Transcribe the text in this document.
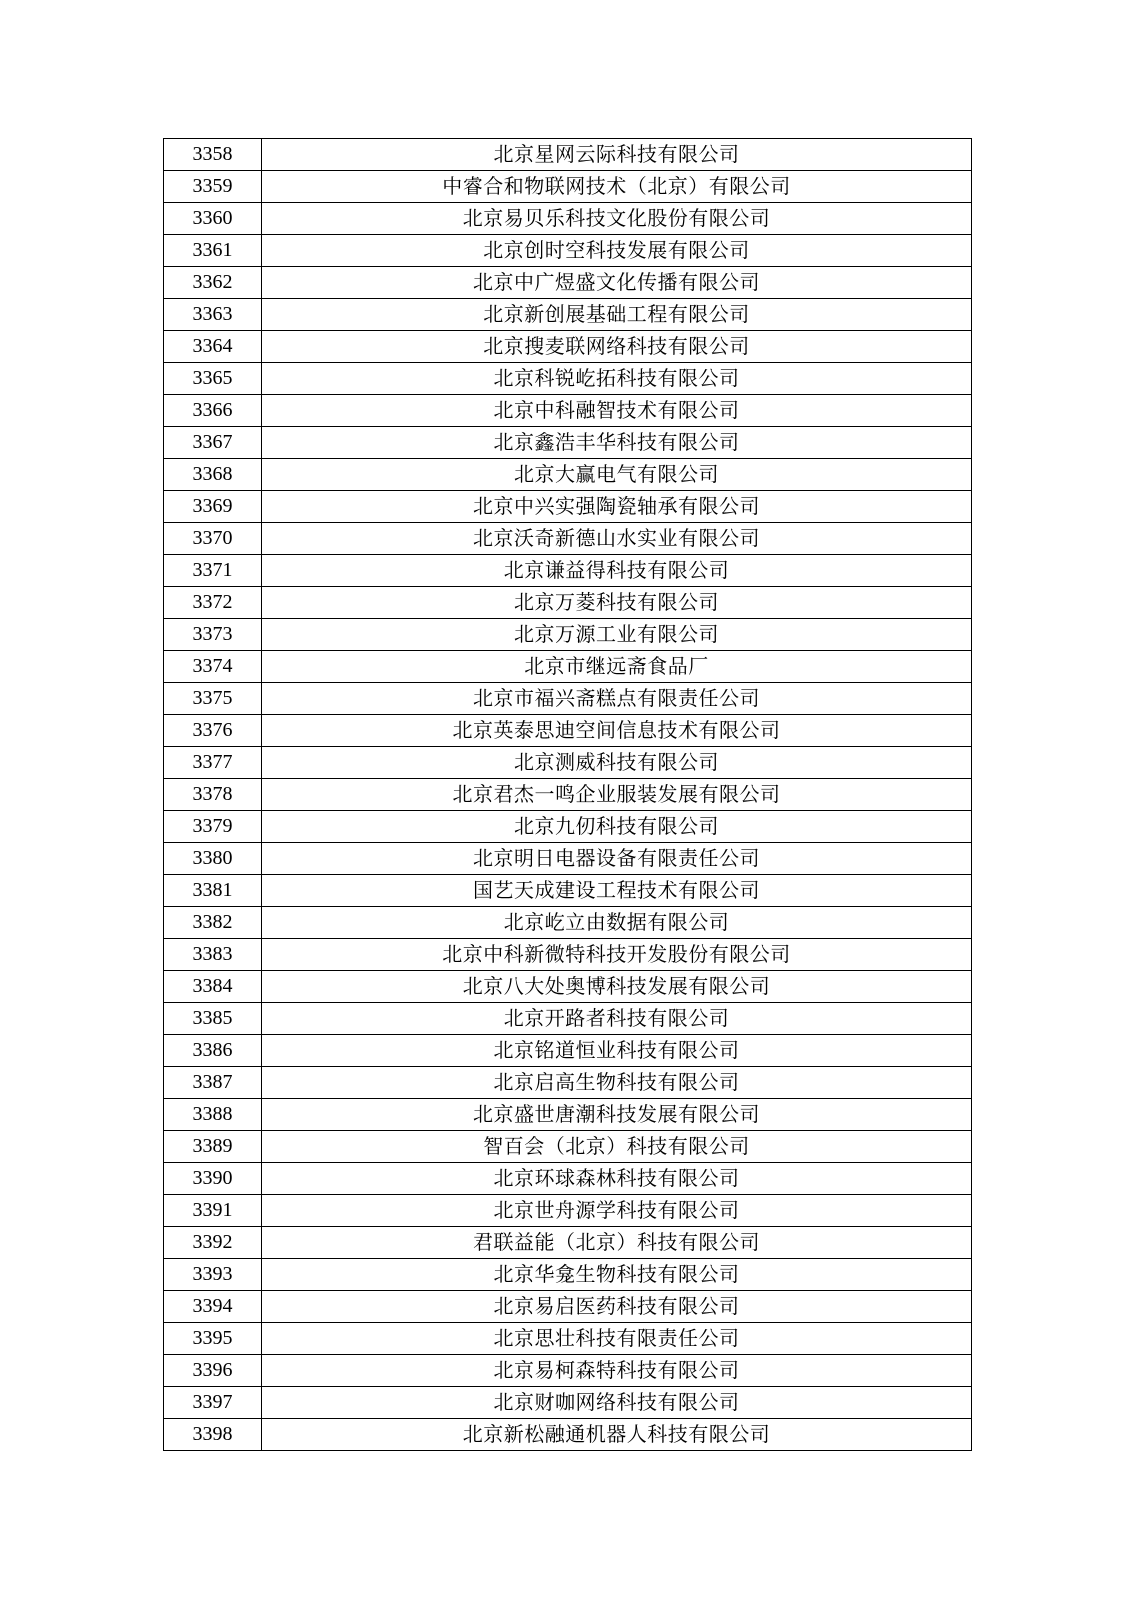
3358	北京星网云际科技有限公司
3359	中睿合和物联网技术（北京）有限公司
3360	北京易贝乐科技文化股份有限公司
3361	北京创时空科技发展有限公司
3362	北京中广煜盛文化传播有限公司
3363	北京新创展基础工程有限公司
3364	北京搜麦联网络科技有限公司
3365	北京科锐屹拓科技有限公司
3366	北京中科融智技术有限公司
3367	北京鑫浩丰华科技有限公司
3368	北京大赢电气有限公司
3369	北京中兴实强陶瓷轴承有限公司
3370	北京沃奇新德山水实业有限公司
3371	北京谦益得科技有限公司
3372	北京万菱科技有限公司
3373	北京万源工业有限公司
3374	北京市继远斋食品厂
3375	北京市福兴斋糕点有限责任公司
3376	北京英泰思迪空间信息技术有限公司
3377	北京测威科技有限公司
3378	北京君杰一鸣企业服装发展有限公司
3379	北京九仞科技有限公司
3380	北京明日电器设备有限责任公司
3381	国艺天成建设工程技术有限公司
3382	北京屹立由数据有限公司
3383	北京中科新微特科技开发股份有限公司
3384	北京八大处奥博科技发展有限公司
3385	北京开路者科技有限公司
3386	北京铭道恒业科技有限公司
3387	北京启高生物科技有限公司
3388	北京盛世唐潮科技发展有限公司
3389	智百会（北京）科技有限公司
3390	北京环球森林科技有限公司
3391	北京世舟源学科技有限公司
3392	君联益能（北京）科技有限公司
3393	北京华龛生物科技有限公司
3394	北京易启医药科技有限公司
3395	北京思壮科技有限责任公司
3396	北京易柯森特科技有限公司
3397	北京财咖网络科技有限公司
3398	北京新松融通机器人科技有限公司
